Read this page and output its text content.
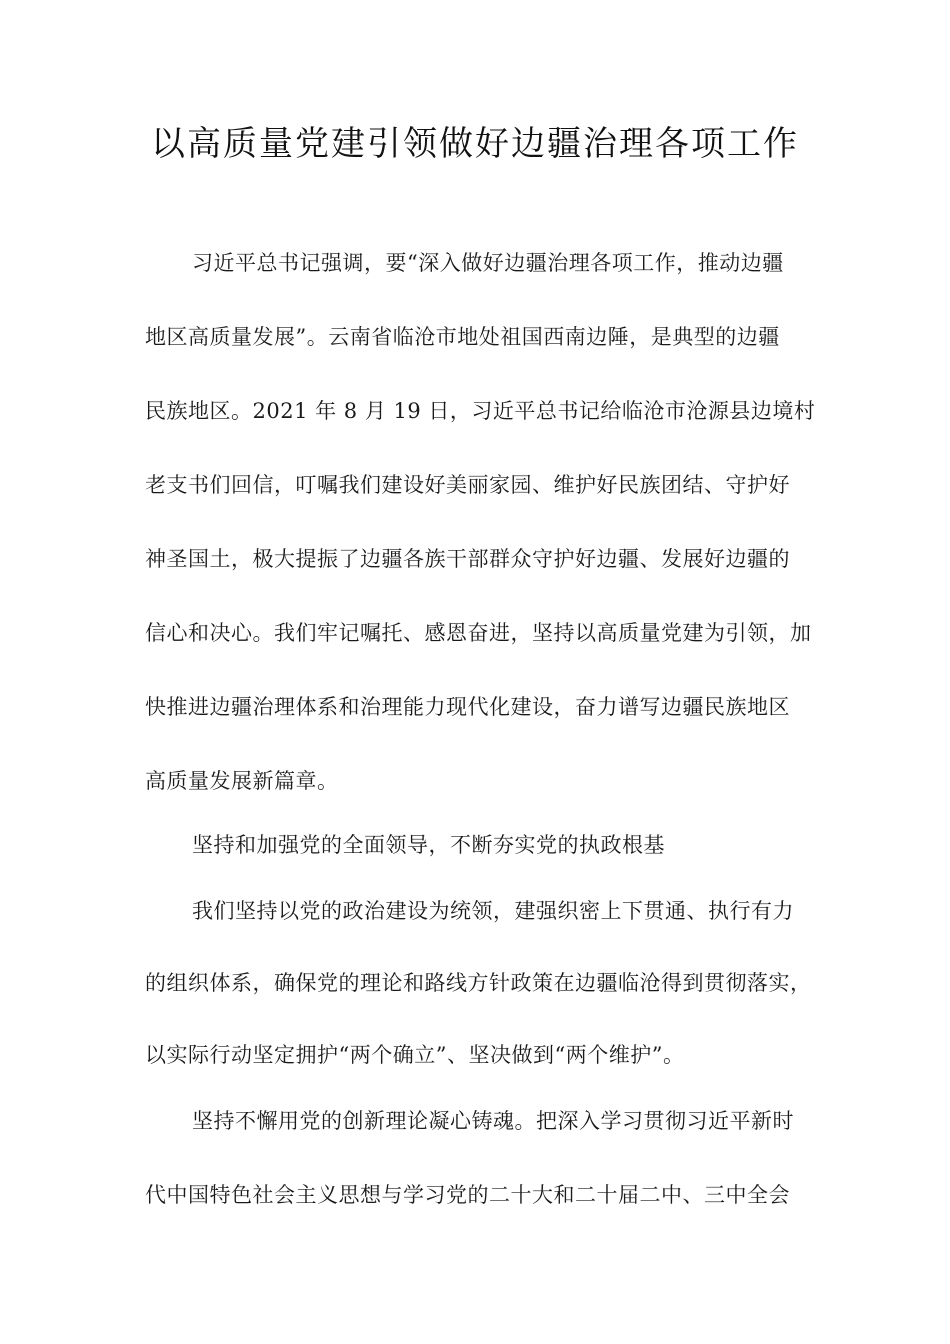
以高质量党建引领做好边疆治理各项工作

习近平总书记强调，要“深入做好边疆治理各项工作，推动边疆

地区高质量发展”。云南省临沧市地处祖国西南边陲，是典型的边疆

民族地区。2021 年 8 月 19 日，习近平总书记给临沧市沧源县边境村

老支书们回信，叮嘱我们建设好美丽家园、维护好民族团结、守护好

神圣国土，极大提振了边疆各族干部群众守护好边疆、发展好边疆的

信心和决心。我们牢记嘱托、感恩奋进，坚持以高质量党建为引领，加

快推进边疆治理体系和治理能力现代化建设，奋力谱写边疆民族地区

高质量发展新篇章。

坚持和加强党的全面领导，不断夯实党的执政根基

我们坚持以党的政治建设为统领，建强织密上下贯通、执行有力

的组织体系，确保党的理论和路线方针政策在边疆临沧得到贯彻落实，

以实际行动坚定拥护“两个确立”、坚决做到“两个维护”。

坚持不懈用党的创新理论凝心铸魂。把深入学习贯彻习近平新时

代中国特色社会主义思想与学习党的二十大和二十届二中、三中全会
